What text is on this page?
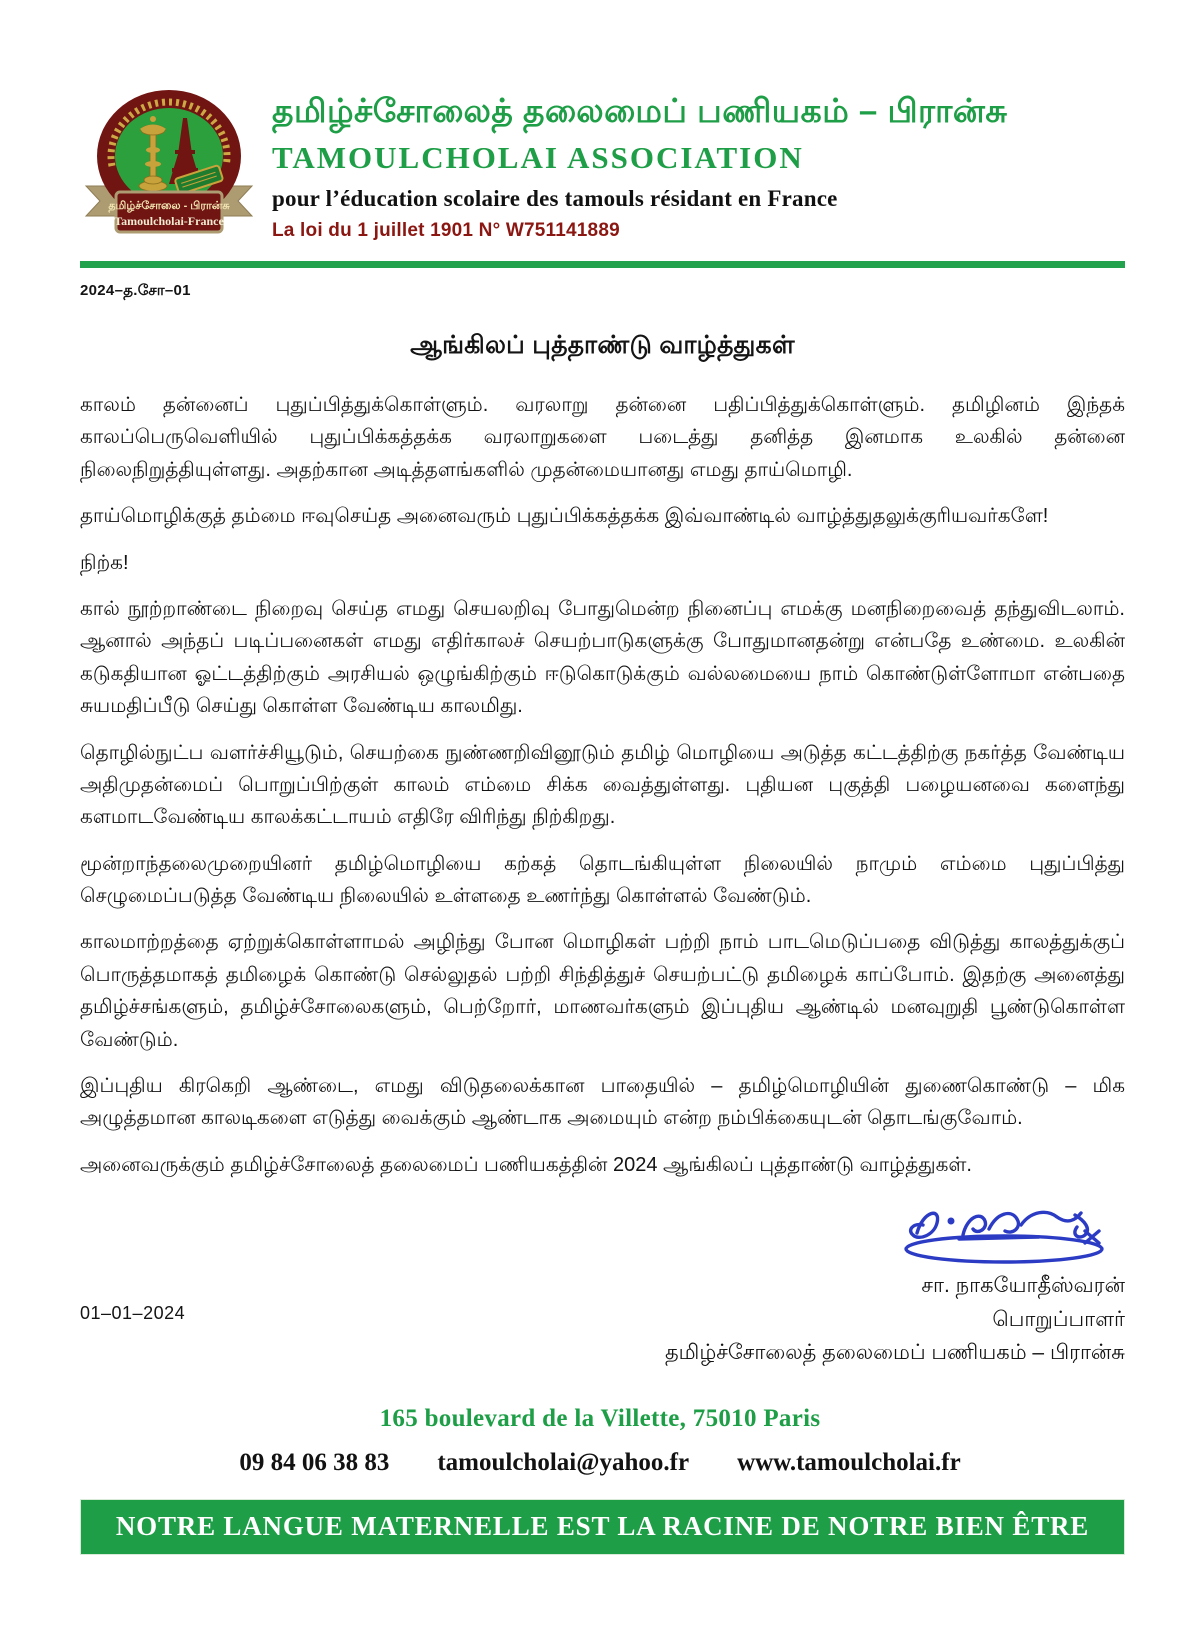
தமிழ்ச்சோலை - பிரான்சு
Tamoulcholai-France
தமிழ்ச்சோலைத் தலைமைப் பணியகம் – பிரான்சு
TAMOULCHOLAI ASSOCIATION
pour l’éducation scolaire des tamouls résidant en France
La loi du 1 juillet 1901 N° W751141889
2024–த.சோ–01
ஆங்கிலப் புத்தாண்டு வாழ்த்துகள்

காலம் தன்னைப் புதுப்பித்துக்கொள்ளும். வரலாறு தன்னை பதிப்பித்துக்கொள்ளும். தமிழினம் இந்தக் காலப்பெருவெளியில் புதுப்பிக்கத்தக்க வரலாறுகளை படைத்து தனித்த இனமாக உலகில் தன்னை நிலைநிறுத்தியுள்ளது. அதற்கான அடித்தளங்களில் முதன்மையானது எமது தாய்மொழி.

தாய்மொழிக்குத் தம்மை ஈவுசெய்த அனைவரும் புதுப்பிக்கத்தக்க இவ்வாண்டில் வாழ்த்துதலுக்குரியவர்களே!

நிற்க!

கால் நூற்றாண்டை நிறைவு செய்த எமது செயலறிவு போதுமென்ற நினைப்பு எமக்கு மனநிறைவைத் தந்துவிடலாம். ஆனால் அந்தப் படிப்பனைகள் எமது எதிர்காலச் செயற்பாடுகளுக்கு போதுமானதன்று என்பதே உண்மை. உலகின் கடுகதியான ஓட்டத்திற்கும் அரசியல் ஒழுங்கிற்கும் ஈடுகொடுக்கும் வல்லமையை நாம் கொண்டுள்ளோமா என்பதை சுயமதிப்பீடு செய்து கொள்ள வேண்டிய காலமிது.

தொழில்நுட்ப வளர்ச்சியூடும், செயற்கை நுண்ணறிவினூடும் தமிழ் மொழியை அடுத்த கட்டத்திற்கு நகர்த்த வேண்டிய அதிமுதன்மைப் பொறுப்பிற்குள் காலம் எம்மை சிக்க வைத்துள்ளது. புதியன புகுத்தி பழையனவை களைந்து களமாடவேண்டிய காலக்கட்டாயம் எதிரே விரிந்து நிற்கிறது.

மூன்றாந்தலைமுறையினர் தமிழ்மொழியை கற்கத் தொடங்கியுள்ள நிலையில் நாமும் எம்மை புதுப்பித்து செழுமைப்படுத்த வேண்டிய நிலையில் உள்ளதை உணர்ந்து கொள்ளல் வேண்டும்.

காலமாற்றத்தை ஏற்றுக்கொள்ளாமல் அழிந்து போன மொழிகள் பற்றி நாம் பாடமெடுப்பதை விடுத்து காலத்துக்குப் பொருத்தமாகத் தமிழைக் கொண்டு செல்லுதல் பற்றி சிந்தித்துச் செயற்பட்டு தமிழைக் காப்போம். இதற்கு அனைத்து தமிழ்ச்சங்களும், தமிழ்ச்சோலைகளும், பெற்றோர், மாணவர்களும் இப்புதிய ஆண்டில் மனவுறுதி பூண்டுகொள்ள வேண்டும்.

இப்புதிய கிரகெறி ஆண்டை, எமது விடுதலைக்கான பாதையில் – தமிழ்மொழியின் துணைகொண்டு – மிக அழுத்தமான காலடிகளை எடுத்து வைக்கும் ஆண்டாக அமையும் என்ற நம்பிக்கையுடன் தொடங்குவோம்.

அனைவருக்கும் தமிழ்ச்சோலைத் தலைமைப் பணியகத்தின் 2024 ஆங்கிலப் புத்தாண்டு வாழ்த்துகள்.

சா. நாகயோதீஸ்வரன்
பொறுப்பாளர்
தமிழ்ச்சோலைத் தலைமைப் பணியகம் – பிரான்சு
01–01–2024
165 boulevard de la Villette, 75010 Paris
09 84 06 38 83 tamoulcholai@yahoo.fr www.tamoulcholai.fr
NOTRE LANGUE MATERNELLE EST LA RACINE DE NOTRE BIEN ÊTRE
